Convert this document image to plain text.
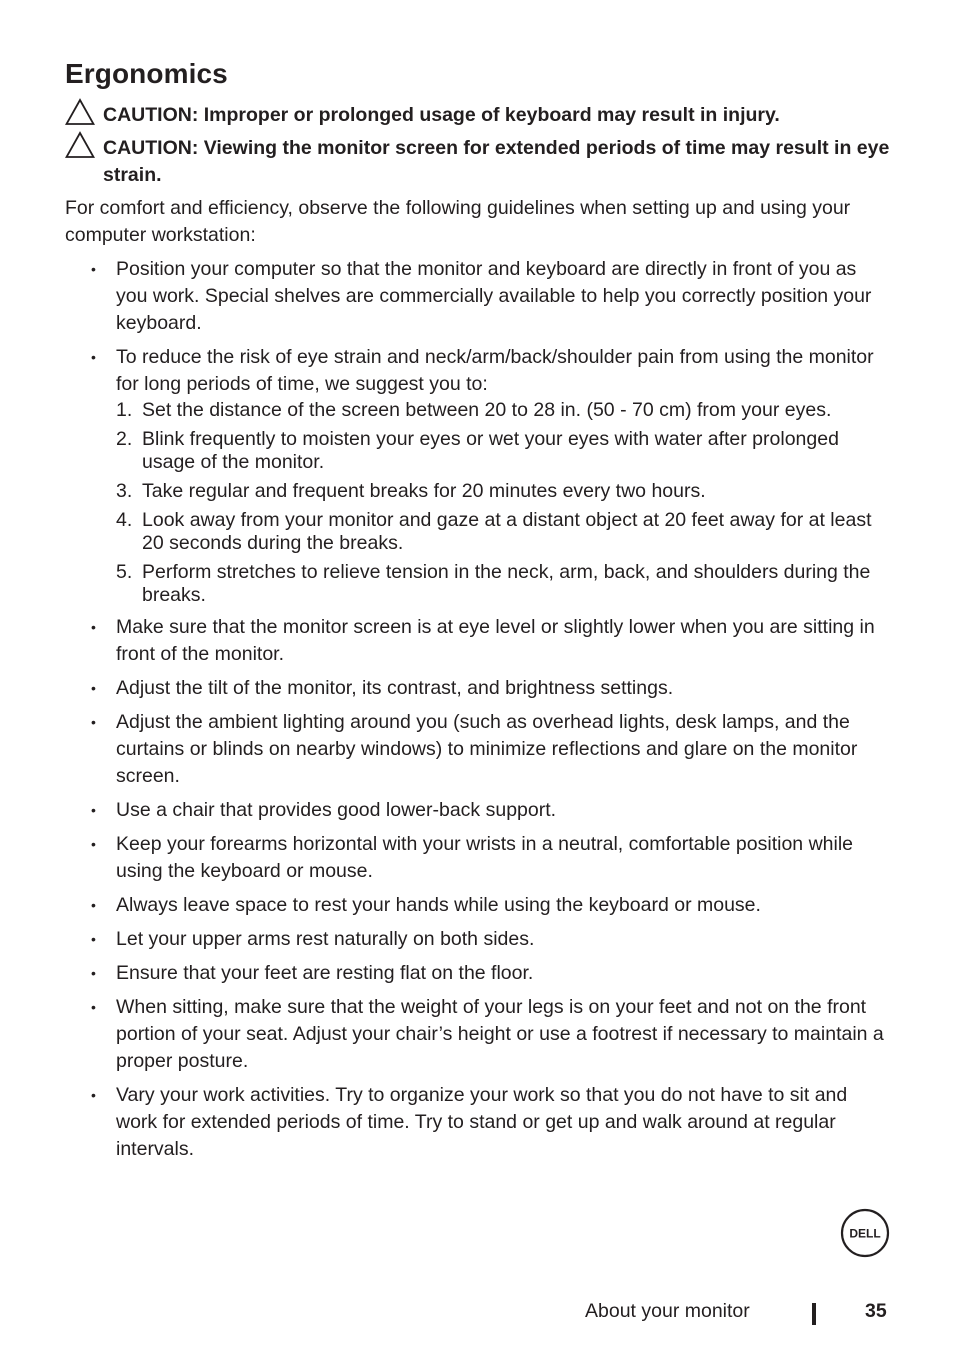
Ergonomics
CAUTION: Improper or prolonged usage of keyboard may result in injury.
CAUTION: Viewing the monitor screen for extended periods of time may result in eye strain.

For comfort and efficiency, observe the following guidelines when setting up and using your computer workstation:

• Position your computer so that the monitor and keyboard are directly in front of you as you work. Special shelves are commercially available to help you correctly position your keyboard.
• To reduce the risk of eye strain and neck/arm/back/shoulder pain from using the monitor for long periods of time, we suggest you to:
1. Set the distance of the screen between 20 to 28 in. (50 - 70 cm) from your eyes.
2. Blink frequently to moisten your eyes or wet your eyes with water after prolonged usage of the monitor.
3. Take regular and frequent breaks for 20 minutes every two hours.
4. Look away from your monitor and gaze at a distant object at 20 feet away for at least 20 seconds during the breaks.
5. Perform stretches to relieve tension in the neck, arm, back, and shoulders during the breaks.
• Make sure that the monitor screen is at eye level or slightly lower when you are sitting in front of the monitor.
• Adjust the tilt of the monitor, its contrast, and brightness settings.
• Adjust the ambient lighting around you (such as overhead lights, desk lamps, and the curtains or blinds on nearby windows) to minimize reflections and glare on the monitor screen.
• Use a chair that provides good lower-back support.
• Keep your forearms horizontal with your wrists in a neutral, comfortable position while using the keyboard or mouse.
• Always leave space to rest your hands while using the keyboard or mouse.
• Let your upper arms rest naturally on both sides.
• Ensure that your feet are resting flat on the floor.
• When sitting, make sure that the weight of your legs is on your feet and not on the front portion of your seat. Adjust your chair’s height or use a footrest if necessary to maintain a proper posture.
• Vary your work activities. Try to organize your work so that you do not have to sit and work for extended periods of time. Try to stand or get up and walk around at regular intervals.
DELL
About your monitor	35
